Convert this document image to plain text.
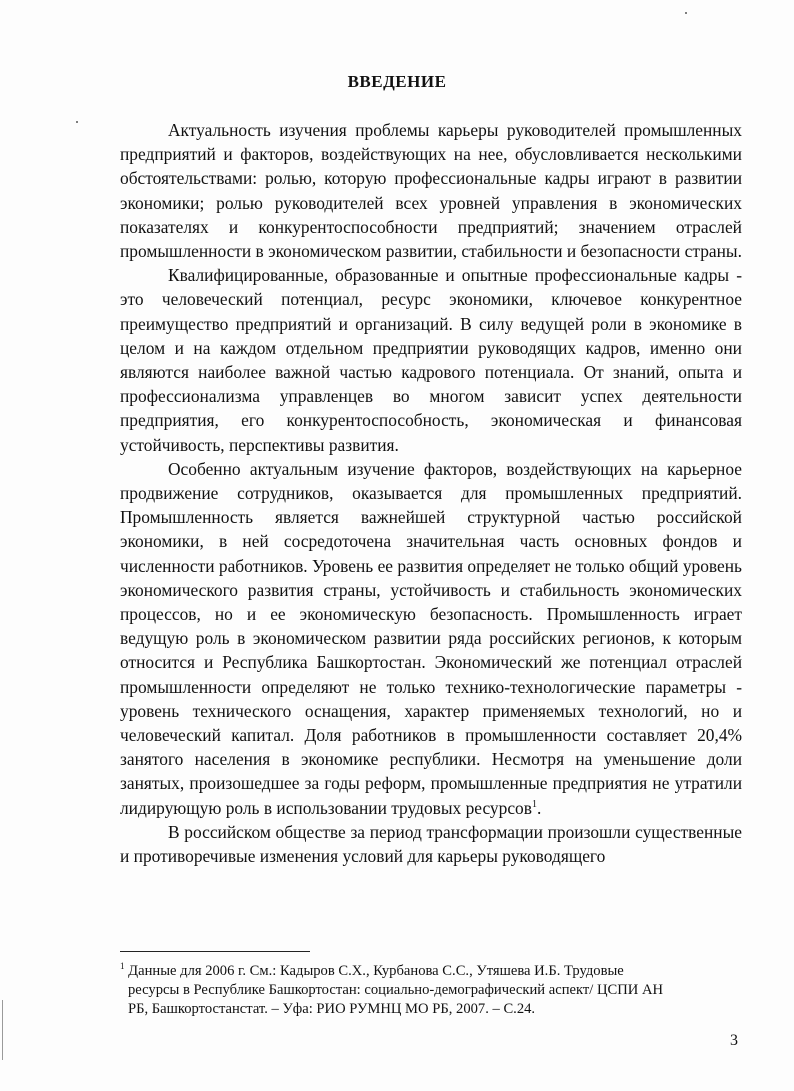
ВВЕДЕНИЕ

Актуальность изучения проблемы карьеры руководителей промышленных предприятий и факторов, воздействующих на нее, обусловливается несколькими обстоятельствами: ролью, которую профессиональные кадры играют в развитии экономики; ролью руководителей всех уровней управления в экономических показателях и конкурентоспособности предприятий; значением отраслей промышленности в экономическом развитии, стабильности и безопасности страны.

Квалифицированные, образованные и опытные профессиональные кадры - это человеческий потенциал, ресурс экономики, ключевое конкурентное преимущество предприятий и организаций. В силу ведущей роли в экономике в целом и на каждом отдельном предприятии руководящих кадров, именно они являются наиболее важной частью кадрового потенциала. От знаний, опыта и профессионализма управленцев во многом зависит успех деятельности предприятия, его конкурентоспособность, экономическая и финансовая устойчивость, перспективы развития.

Особенно актуальным изучение факторов, воздействующих на карьерное продвижение сотрудников, оказывается для промышленных предприятий. Промышленность является важнейшей структурной частью российской экономики, в ней сосредоточена значительная часть основных фондов и численности работников. Уровень ее развития определяет не только общий уровень экономического развития страны, устойчивость и стабильность экономических процессов, но и ее экономическую безопасность. Промышленность играет ведущую роль в экономическом развитии ряда российских регионов, к которым относится и Республика Башкортостан. Экономический же потенциал отраслей промышленности определяют не только технико-технологические параметры - уровень технического оснащения, характер применяемых технологий, но и человеческий капитал. Доля работников в промышленности составляет 20,4% занятого населения в экономике республики. Несмотря на уменьшение доли занятых, произошедшее за годы реформ, промышленные предприятия не утратили лидирующую роль в использовании трудовых ресурсов$^1$.

В российском обществе за период трансформации произошли существенные и противоречивые изменения условий для карьеры руководящего

$^1$ Данные для 2006 г. См.: Кадыров С.Х., Курбанова С.С., Утяшева И.Б. Трудовые
ресурсы в Республике Башкортостан: социально-демографический аспект/ ЦСПИ АН
РБ, Башкортостанстат. – Уфа: РИО РУМНЦ МО РБ, 2007. – С.24.
3
